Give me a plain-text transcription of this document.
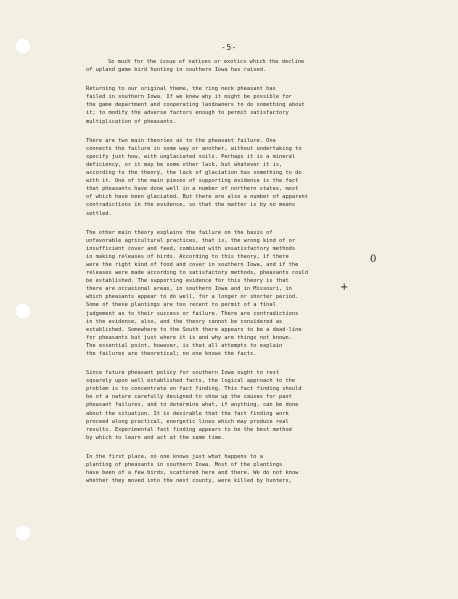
-5-

So much for the issue of natives or exotics which the decline
of upland game bird hunting in southern Iowa has raised.

Returning to our original theme, the ring neck pheasant has
failed in southern Iowa. If we knew why it might be possible for
the game department and cooperating landowners to do something about
it; to modify the adverse factors enough to permit satisfactory
multiplication of pheasants.

There are two main theories as to the pheasant failure. One
connects the failure in some way or another, without undertaking to
specify just how, with unglaciated soils. Perhaps it is a mineral
deficiency, or it may be some other lack, but whatever it is,
according to the theory, the lack of glaciation has something to do
with it. One of the main pieces of supporting evidence is the fact
that pheasants have done well in a number of northern states, most
of which have been glaciated. But there are also a number of apparent
contradictions in the evidence, so that the matter is by no means
settled.

The other main theory explains the failure on the basis of
unfavorable agricultural practices, that is, the wrong kind of or
insufficient cover and feed, combined with unsatisfactory methods
in making releases of birds. According to this theory, if there
were the right kind of food and cover in southern Iowa, and if the
releases were made according to satisfactory methods, pheasants could
be established. The supporting evidence for this theory is that
there are occasional areas, in southern Iowa and in Missouri, in
which pheasants appear to do well, for a longer or shorter period.
Some of these plantings are too recent to permit of a final
judgement as to their success or failure. There are contradictions
in the evidence, also, and the theory cannot be considered as
established. Somewhere to the South there appears to be a dead-line
for pheasants but just where it is and why are things not known.
The essential point, however, is that all attempts to explain
the failures are theoretical; no one knows the facts.

Since future pheasant policy for southern Iowa ought to rest
squarely upon well established facts, the logical approach to the
problem is to concentrate on fact finding. This fact finding should
be of a nature carefully designed to show up the causes for past
pheasant failures, and to determine what, if anything, can be done
about the situation. It is desirable that the fact finding work
proceed along practical, energetic lines which may produce real
results. Experimental fact finding appears to be the best method
by which to learn and act at the same time.

In the first place, no one knows just what happens to a
planting of pheasants in southern Iowa. Most of the plantings
have been of a few birds, scattered here and there. We do not know
whether they moved into the next county, were killed by hunters,

0
+
